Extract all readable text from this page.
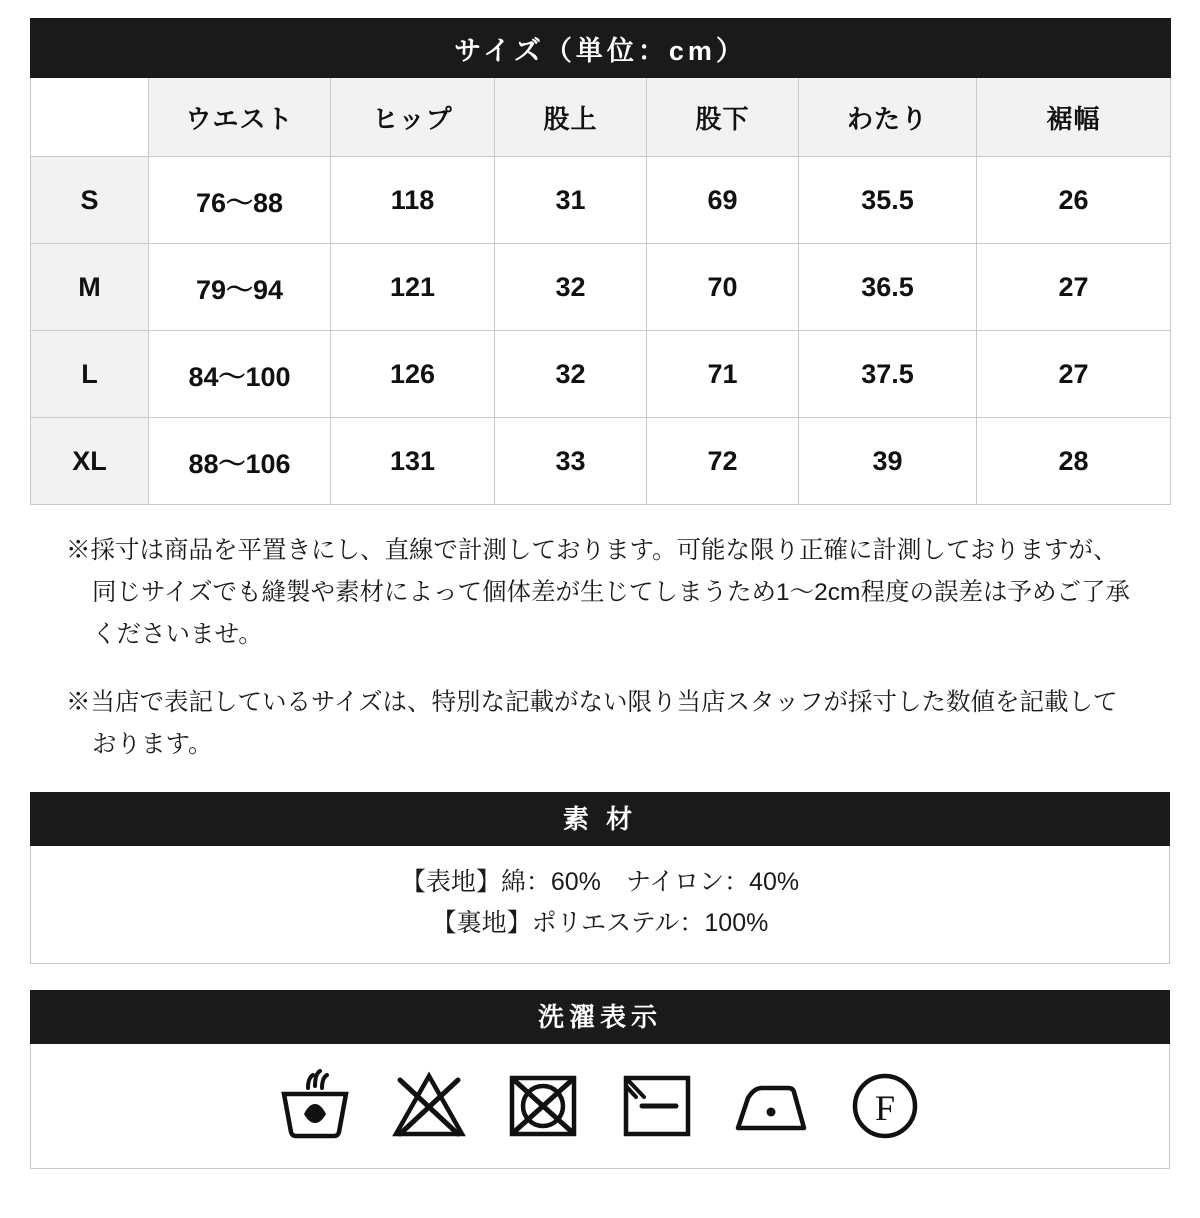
サイズ（単位：cm）						
	ウエスト	ヒップ	股上	股下	わたり	裾幅
S	76〜88	118	31	69	35.5	26
M	79〜94	121	32	70	36.5	27
L	84〜100	126	32	71	37.5	27
XL	88〜106	131	33	72	39	28

※採寸は商品を平置きにし、直線で計測しております。可能な限り正確に計測しておりますが、同じサイズでも縫製や素材によって個体差が生じてしまうため1〜2cm程度の誤差は予めご了承くださいませ。

※当店で表記しているサイズは、特別な記載がない限り当店スタッフが採寸した数値を記載しております。

素 材
【表地】綿：60%　ナイロン：40%
【裏地】ポリエステル：100%
洗濯表示
F
